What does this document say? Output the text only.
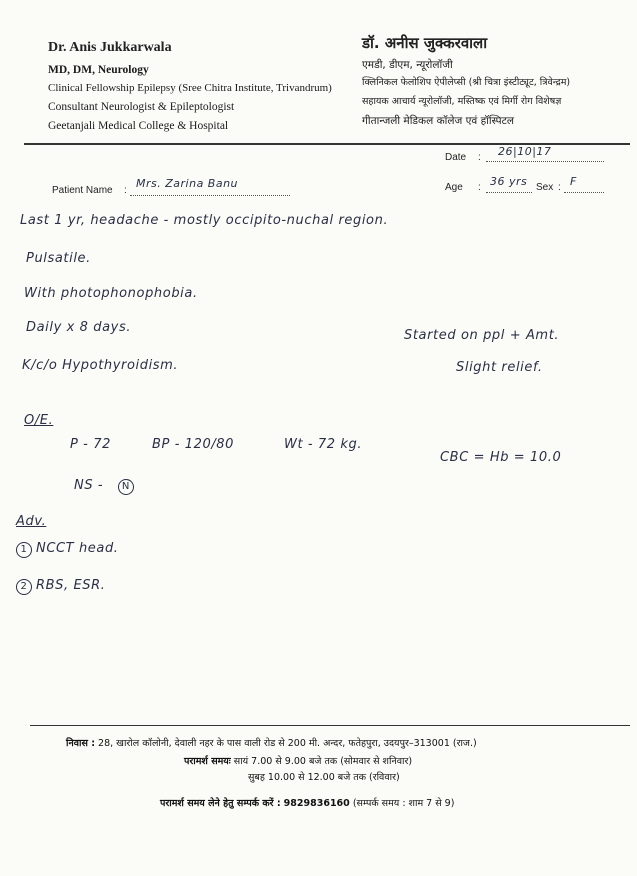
Dr. Anis Jukkarwala
MD, DM, Neurology
Clinical Fellowship Epilepsy (Sree Chitra Institute, Trivandrum)
Consultant Neurologist & Epileptologist
Geetanjali Medical College & Hospital
डॉ. अनीस जुक्करवाला
एमडी, डीएम, न्यूरोलॉजी
क्लिनिकल फेलोशिप ऐपीलेप्सी (श्री चित्रा इंस्टीट्यूट, त्रिवेन्द्रम)
सहायक आचार्य न्यूरोलॉजी, मस्तिष्क एवं मिर्गी रोग विशेषज्ञ
गीतान्जली मेडिकल कॉलेज एवं हॉस्पिटल
Date : 26|10|17
Patient Name :
Mrs. Zarina Banu	Age : 36 yrs Sex : F
Last 1 yr, headache - mostly occipito-nuchal region.
Pulsatile.
With photophonophobia.
Daily x 8 days.
K/c/o Hypothyroidism.
Started on ppl + Amt.
Slight relief.
O/E.
P - 72	BP - 120/80	Wt - 72 kg.
CBC = Hb = 10.0
NS - N
Adv.
1 NCCT head.
2 RBS, ESR.
निवास : 28, खारोल कॉलोनी, देवाली नहर के पास वाली रोड से 200 मी. अन्दर, फतेहपुरा, उदयपुर–313001 (राज.)
परामर्श समयः सायं 7.00 से 9.00 बजे तक (सोमवार से शनिवार)
सुबह 10.00 से 12.00 बजे तक (रविवार)
परामर्श समय लेने हेतु सम्पर्क करें : 9829836160 (सम्पर्क समय : शाम 7 से 9)
